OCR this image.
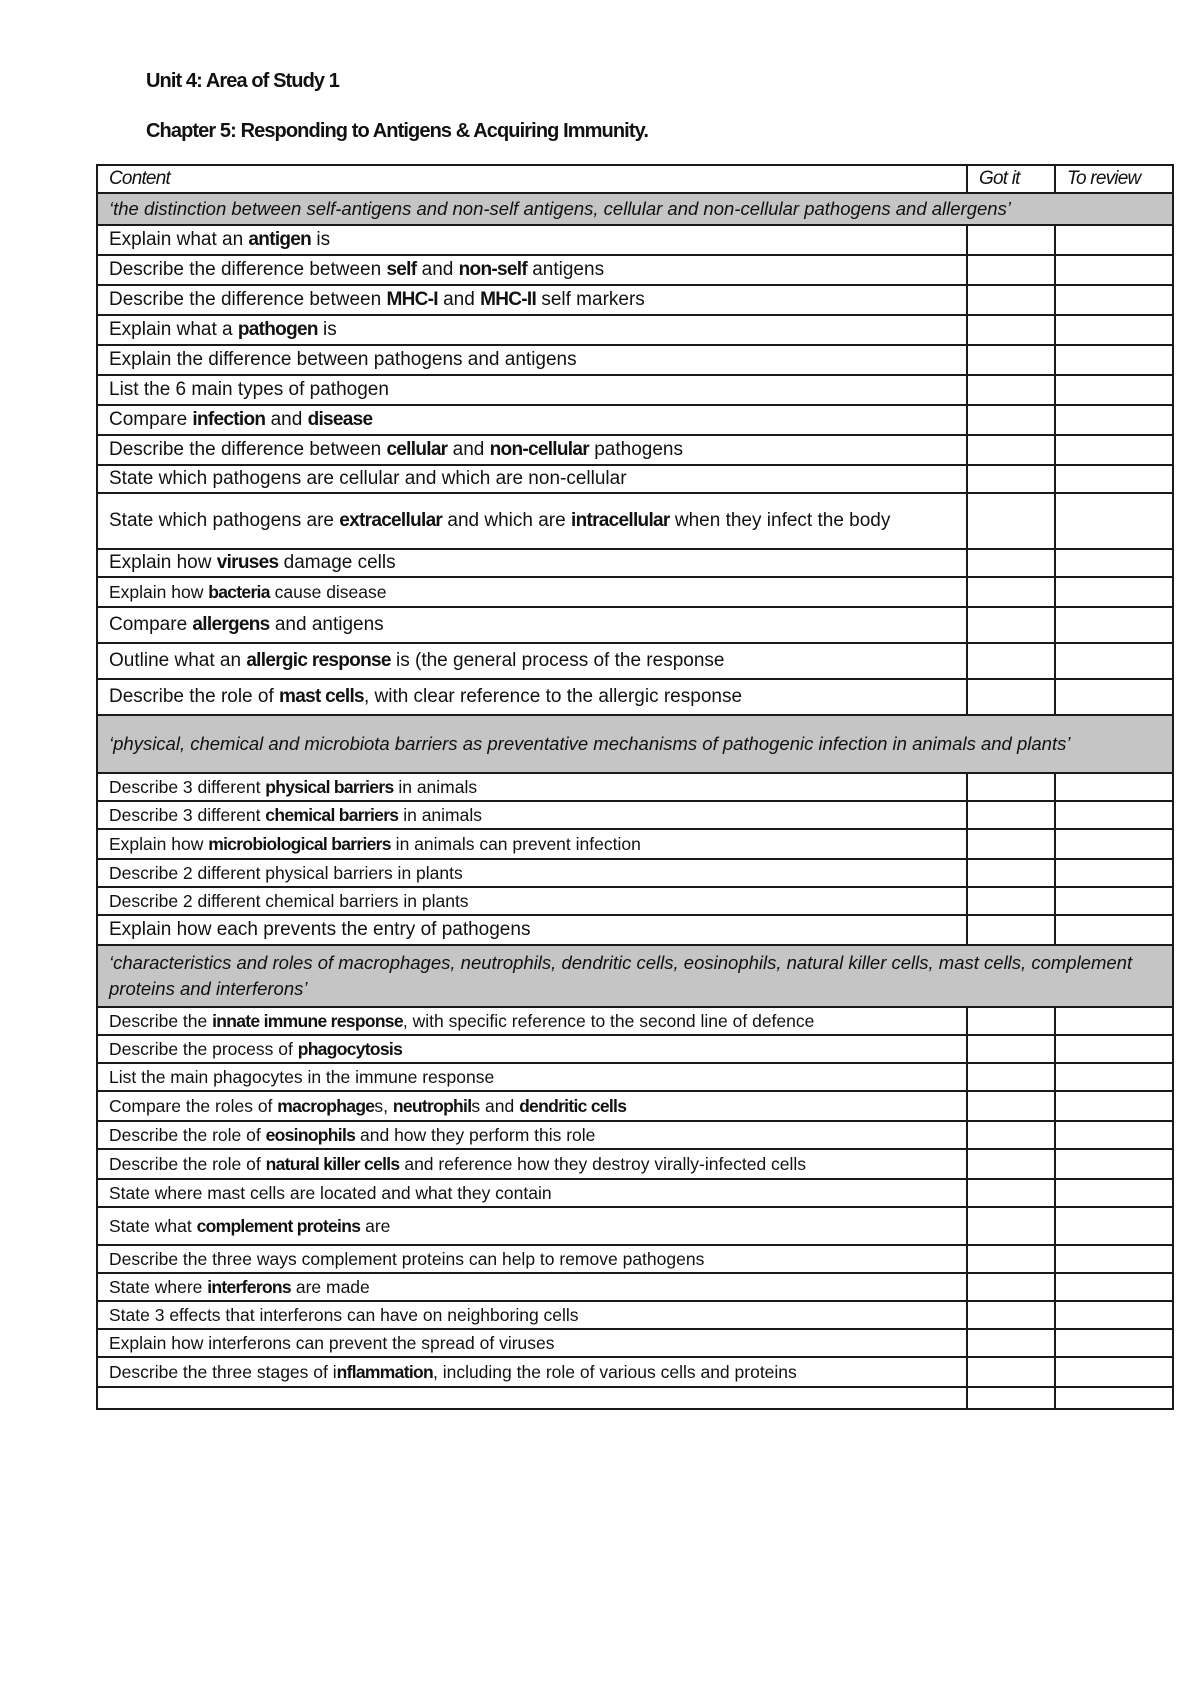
Unit 4: Area of Study 1
Chapter 5: Responding to Antigens & Acquiring Immunity.
Content	Got it	To review
‘the distinction between self-antigens and non-self antigens, cellular and non-cellular pathogens and allergens’		
Explain what an antigen is		
Describe the difference between self and non-self antigens		
Describe the difference between MHC-I and MHC-II self markers		
Explain what a pathogen is		
Explain the difference between pathogens and antigens		
List the 6 main types of pathogen		
Compare infection and disease		
Describe the difference between cellular and non-cellular pathogens		
State which pathogens are cellular and which are non-cellular		
State which pathogens are extracellular and which are intracellular when they infect the body		
Explain how viruses damage cells		
Explain how bacteria cause disease		
Compare allergens and antigens		
Outline what an allergic response is (the general process of the response		
Describe the role of mast cells, with clear reference to the allergic response		
‘physical, chemical and microbiota barriers as preventative mechanisms of pathogenic infection in animals and plants’		
Describe 3 different physical barriers in animals		
Describe 3 different chemical barriers in animals		
Explain how microbiological barriers in animals can prevent infection		
Describe 2 different physical barriers in plants		
Describe 2 different chemical barriers in plants		
Explain how each prevents the entry of pathogens		
‘characteristics and roles of macrophages, neutrophils, dendritic cells, eosinophils, natural killer cells, mast cells, complement proteins and interferons’		
Describe the innate immune response, with specific reference to the second line of defence		
Describe the process of phagocytosis		
List the main phagocytes in the immune response		
Compare the roles of macrophages, neutrophils and dendritic cells		
Describe the role of eosinophils and how they perform this role		
Describe the role of natural killer cells and reference how they destroy virally-infected cells		
State where mast cells are located and what they contain		
State what complement proteins are		
Describe the three ways complement proteins can help to remove pathogens		
State where interferons are made		
State 3 effects that interferons can have on neighboring cells		
Explain how interferons can prevent the spread of viruses		
Describe the three stages of inflammation, including the role of various cells and proteins		
